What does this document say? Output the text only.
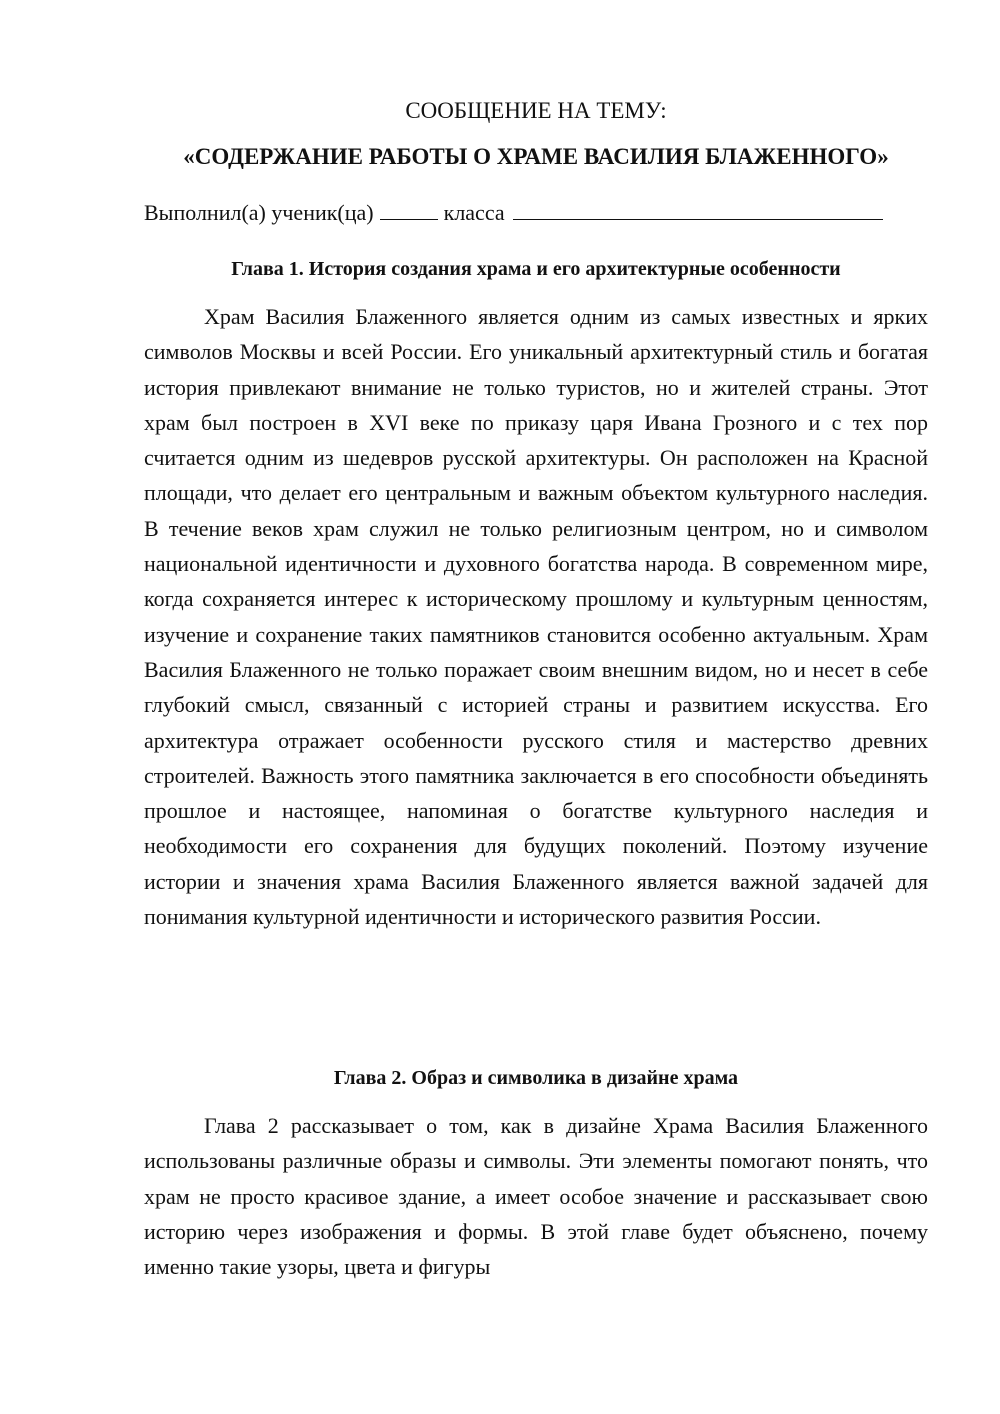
СООБЩЕНИЕ НА ТЕМУ:
«СОДЕРЖАНИЕ РАБОТЫ О ХРАМЕ ВАСИЛИЯ БЛАЖЕННОГО»
Выполнил(а) ученик(ца)	класса
Глава 1. История создания храма и его архитектурные особенности

Храм Василия Блаженного является одним из самых известных и ярких символов Москвы и всей России. Его уникальный архитектурный стиль и богатая история привлекают внимание не только туристов, но и жителей страны. Этот храм был построен в XVI веке по приказу царя Ивана Грозного и с тех пор считается одним из шедевров русской архитектуры. Он расположен на Красной площади, что делает его центральным и важным объектом культурного наследия. В течение веков храм служил не только религиозным центром, но и символом национальной идентичности и духовного богатства народа. В современном мире, когда сохраняется интерес к историческому прошлому и культурным ценностям, изучение и сохранение таких памятников становится особенно актуальным. Храм Василия Блаженного не только поражает своим внешним видом, но и несет в себе глубокий смысл, связанный с историей страны и развитием искусства. Его архитектура отражает особенности русского стиля и мастерство древних строителей. Важность этого памятника заключается в его способности объединять прошлое и настоящее, напоминая о богатстве культурного наследия и необходимости его сохранения для будущих поколений. Поэтому изучение истории и значения храма Василия Блаженного является важной задачей для понимания культурной идентичности и исторического развития России.

Глава 2. Образ и символика в дизайне храма

Глава 2 рассказывает о том, как в дизайне Храма Василия Блаженного использованы различные образы и символы. Эти элементы помогают понять, что храм не просто красивое здание, а имеет особое значение и рассказывает свою историю через изображения и формы. В этой главе будет объяснено, почему именно такие узоры, цвета и фигуры
